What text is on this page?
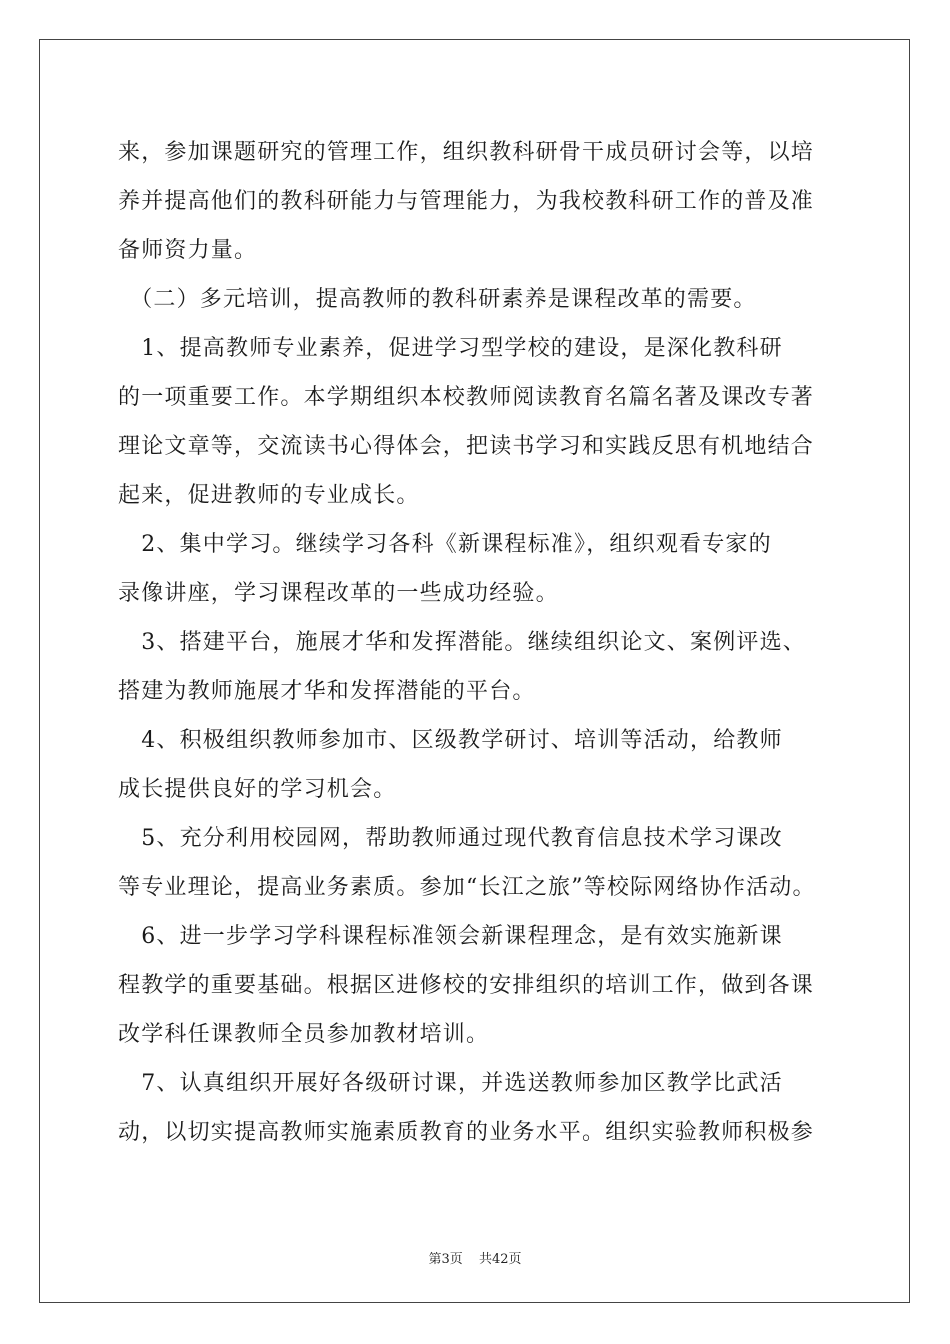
来，参加课题研究的管理工作，组织教科研骨干成员研讨会等，以培
养并提高他们的教科研能力与管理能力，为我校教科研工作的普及准
备师资力量。
　（二）多元培训，提高教师的教科研素养是课程改革的需要。
　1、提高教师专业素养，促进学习型学校的建设，是深化教科研
的一项重要工作。本学期组织本校教师阅读教育名篇名著及课改专著
理论文章等，交流读书心得体会，把读书学习和实践反思有机地结合
起来，促进教师的专业成长。
　2、集中学习。继续学习各科《新课程标准》，组织观看专家的
录像讲座，学习课程改革的一些成功经验。
　3、搭建平台，施展才华和发挥潜能。继续组织论文、案例评选、
搭建为教师施展才华和发挥潜能的平台。
　4、积极组织教师参加市、区级教学研讨、培训等活动，给教师
成长提供良好的学习机会。
　5、充分利用校园网，帮助教师通过现代教育信息技术学习课改
等专业理论，提高业务素质。参加“长江之旅”等校际网络协作活动。
　6、进一步学习学科课程标准领会新课程理念，是有效实施新课
程教学的重要基础。根据区进修校的安排组织的培训工作，做到各课
改学科任课教师全员参加教材培训。
　7、认真组织开展好各级研讨课，并选送教师参加区教学比武活
动，以切实提高教师实施素质教育的业务水平。组织实验教师积极参
第3页 共42页
